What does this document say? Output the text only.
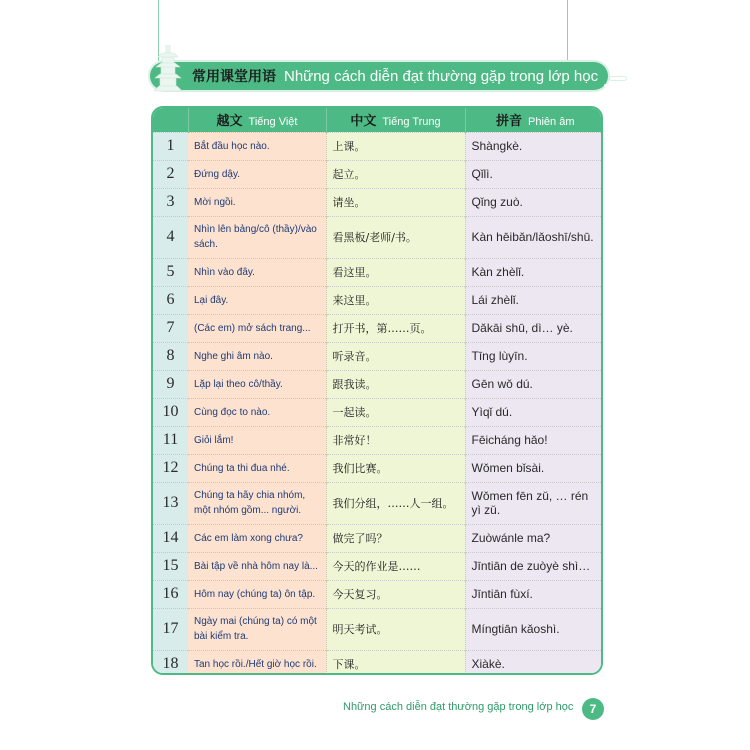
常用课堂用语 Những cách diễn đạt thường gặp trong lớp học
	越文 Tiếng Việt	中文 Tiếng Trung	拼音 Phiên âm
1	Bắt đầu học nào.	上课。	Shàngkè.
2	Đứng dậy.	起立。	Qǐlì.
3	Mời ngồi.	请坐。	Qǐng zuò.
4	Nhìn lên bảng/cô (thầy)/vào sách.	看黑板/老师/书。	Kàn hēibǎn/lǎoshī/shū.
5	Nhìn vào đây.	看这里。	Kàn zhèlǐ.
6	Lại đây.	来这里。	Lái zhèlǐ.
7	(Các em) mở sách trang...	打开书，第……页。	Dǎkāi shū, dì… yè.
8	Nghe ghi âm nào.	听录音。	Tīng lùyīn.
9	Lặp lại theo cô/thầy.	跟我读。	Gēn wǒ dú.
10	Cùng đọc to nào.	一起读。	Yìqǐ dú.
11	Giỏi lắm!	非常好！	Fēicháng hǎo!
12	Chúng ta thi đua nhé.	我们比赛。	Wǒmen bǐsài.
13	Chúng ta hãy chia nhóm, một nhóm gồm... người.	我们分组，……人一组。	Wǒmen fēn zǔ, … rén yì zǔ.
14	Các em làm xong chưa?	做完了吗？	Zuòwánle ma?
15	Bài tập về nhà hôm nay là...	今天的作业是……	Jīntiān de zuòyè shì…
16	Hôm nay (chúng ta) ôn tập.	今天复习。	Jīntiān fùxí.
17	Ngày mai (chúng ta) có một bài kiểm tra.	明天考试。	Míngtiān kǎoshì.
18	Tan học rồi./Hết giờ học rồi.	下课。	Xiàkè.
Những cách diễn đạt thường gặp trong lớp học	7
